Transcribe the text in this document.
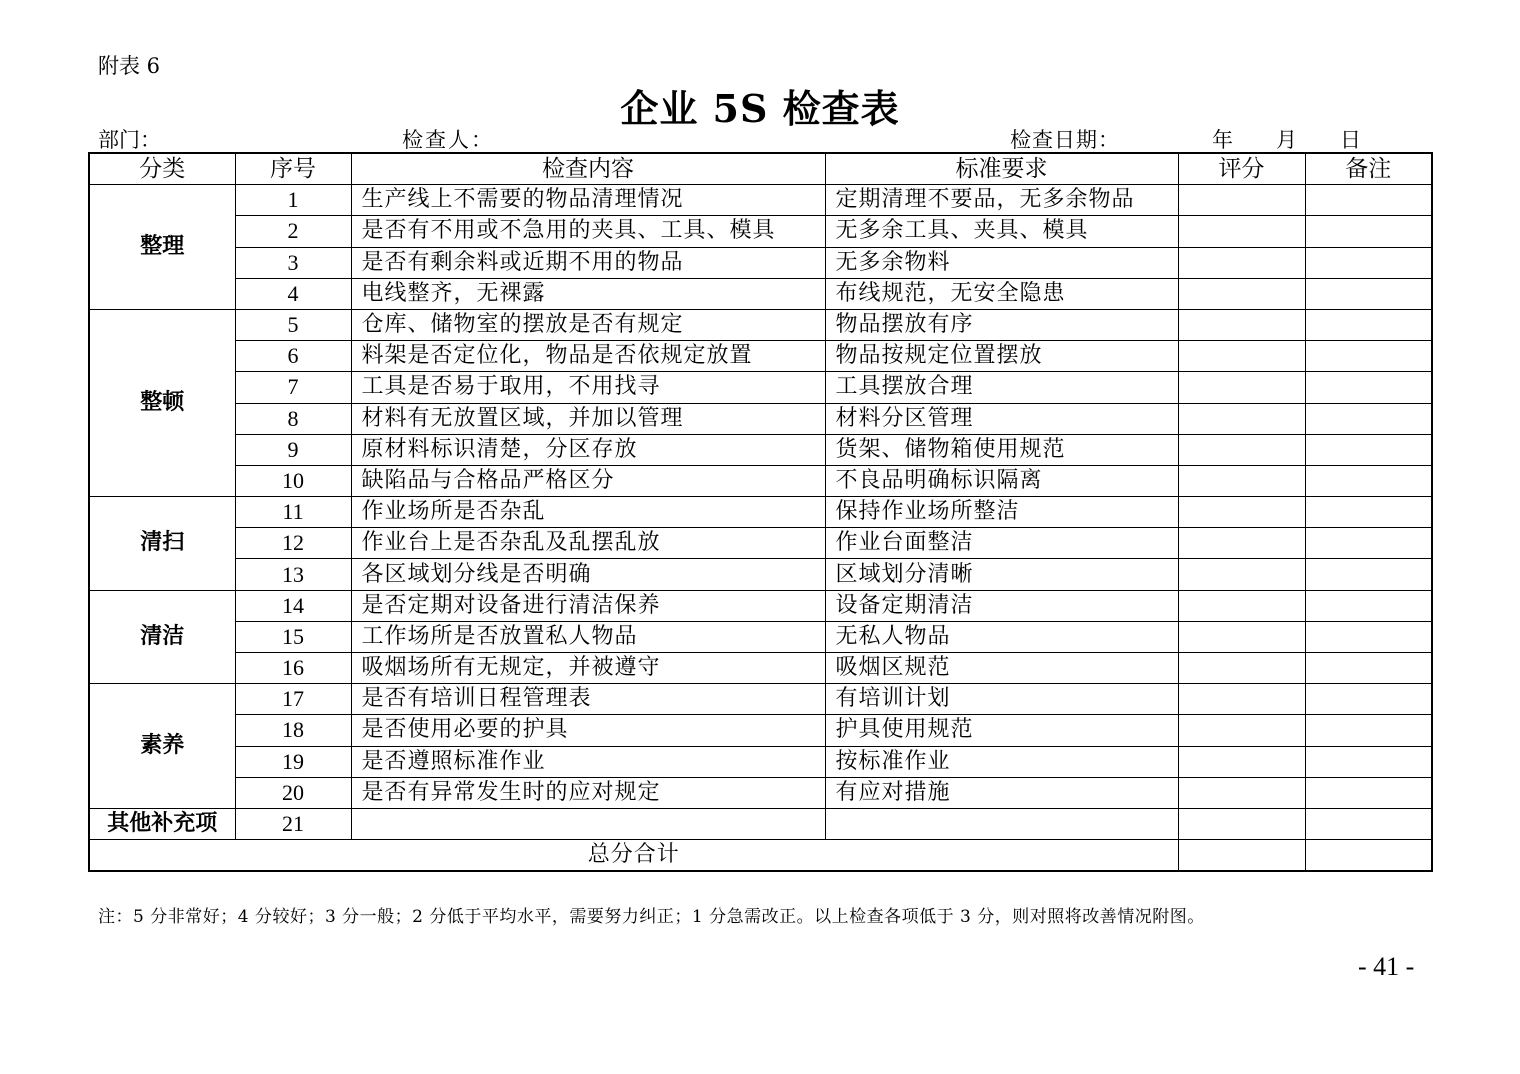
附表 6
企业 5S 检查表
部门：	检查人：	检查日期：	年 月 日
分类	序号	检查内容	标准要求	评分	备注
整理	1	生产线上不需要的物品清理情况	定期清理不要品，无多余物品		
	2	是否有不用或不急用的夹具、工具、模具	无多余工具、夹具、模具		
	3	是否有剩余料或近期不用的物品	无多余物料		
	4	电线整齐，无裸露	布线规范，无安全隐患		
整顿	5	仓库、储物室的摆放是否有规定	物品摆放有序		
	6	料架是否定位化，物品是否依规定放置	物品按规定位置摆放		
	7	工具是否易于取用，不用找寻	工具摆放合理		
	8	材料有无放置区域，并加以管理	材料分区管理		
	9	原材料标识清楚，分区存放	货架、储物箱使用规范		
	10	缺陷品与合格品严格区分	不良品明确标识隔离		
清扫	11	作业场所是否杂乱	保持作业场所整洁		
	12	作业台上是否杂乱及乱摆乱放	作业台面整洁		
	13	各区域划分线是否明确	区域划分清晰		
清洁	14	是否定期对设备进行清洁保养	设备定期清洁		
	15	工作场所是否放置私人物品	无私人物品		
	16	吸烟场所有无规定，并被遵守	吸烟区规范		
素养	17	是否有培训日程管理表	有培训计划		
	18	是否使用必要的护具	护具使用规范		
	19	是否遵照标准作业	按标准作业		
	20	是否有异常发生时的应对规定	有应对措施		
其他补充项	21				
总分合计					
注：5 分非常好；4 分较好；3 分一般；2 分低于平均水平，需要努力纠正；1 分急需改正。以上检查各项低于 3 分，则对照将改善情况附图。
- 41 -
